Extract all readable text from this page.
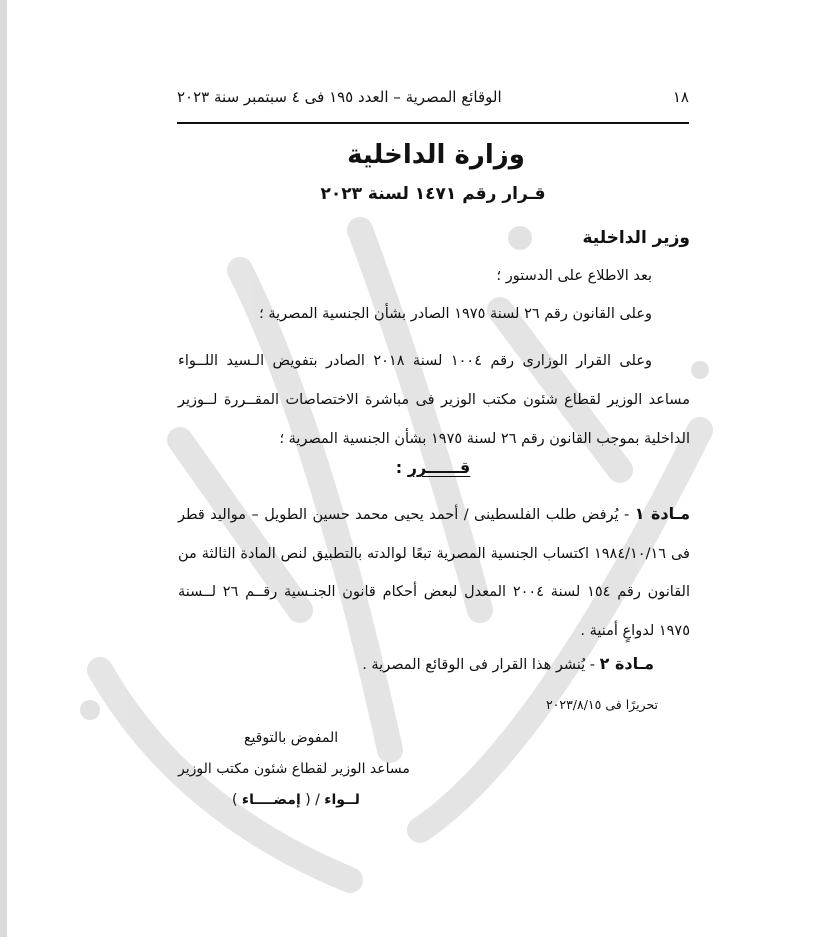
١٨
الوقائع المصرية – العدد ١٩٥ فى ٤ سبتمبر سنة ٢٠٢٣
وزارة الداخلية
قـرار رقم ١٤٧١ لسنة ٢٠٢٣
وزير الداخلية
بعد الاطلاع على الدستور ؛
وعلى القانون رقم ٢٦ لسنة ١٩٧٥ الصادر بشأن الجنسية المصرية ؛
وعلى القرار الوزارى رقم ١٠٠٤ لسنة ٢٠١٨ الصادر بتفويض الـسيد اللــواء مساعد الوزير لقطاع شئون مكتب الوزير فى مباشرة الاختصاصات المقــررة لــوزير الداخلية بموجب القانون رقم ٢٦ لسنة ١٩٧٥ بشأن الجنسية المصرية ؛
قــــــرر :
مـادة ١ - يُرفض طلب الفلسطينى / أحمد يحيى محمد حسين الطويل – مواليد قطر فى ١٩٨٤/١٠/١٦ اكتساب الجنسية المصرية تبعًا لوالدته بالتطبيق لنص المادة الثالثة من القانون رقم ١٥٤ لسنة ٢٠٠٤ المعدل لبعض أحكام قانون الجنـسية رقــم ٢٦ لــسنة ١٩٧٥ لدواعٍ أمنية .
مـادة ٢ - يُنشر هذا القرار فى الوقائع المصرية .
تحريرًا فى ٢٠٢٣/٨/١٥
المفوض بالتوقيع
مساعد الوزير لقطاع شئون مكتب الوزير
لــواء / ( إمضــــاء )
